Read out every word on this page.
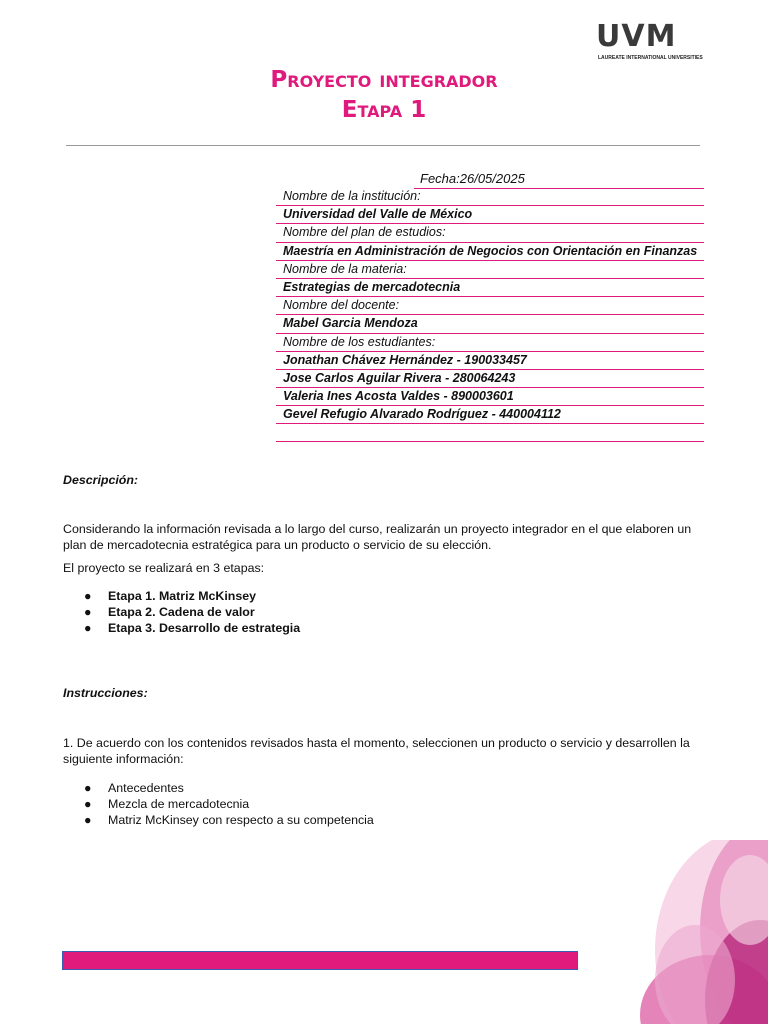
UVM
LAUREATE INTERNATIONAL UNIVERSITIES
Proyecto integrador
Etapa 1
Fecha:26/05/2025
Nombre de la institución:
Universidad del Valle de México
Nombre del plan de estudios:
Maestría en Administración de Negocios con Orientación en Finanzas
Nombre de la materia:
Estrategias de mercadotecnia
Nombre del docente:
Mabel Garcia Mendoza
Nombre de los estudiantes:
Jonathan Chávez Hernández - 190033457
Jose Carlos Aguilar Rivera - 280064243
Valeria Ines Acosta Valdes - 890003601
Gevel Refugio Alvarado Rodríguez - 440004112
Descripción:
Considerando la información revisada a lo largo del curso, realizarán un proyecto integrador en el que elaboren un plan de mercadotecnia estratégica para un producto o servicio de su elección.
El proyecto se realizará en 3 etapas:
● Etapa 1. Matriz McKinsey
● Etapa 2. Cadena de valor
● Etapa 3. Desarrollo de estrategia
Instrucciones:
1. De acuerdo con los contenidos revisados hasta el momento, seleccionen un producto o servicio y desarrollen la siguiente información:
● Antecedentes
● Mezcla de mercadotecnia
● Matriz McKinsey con respecto a su competencia
